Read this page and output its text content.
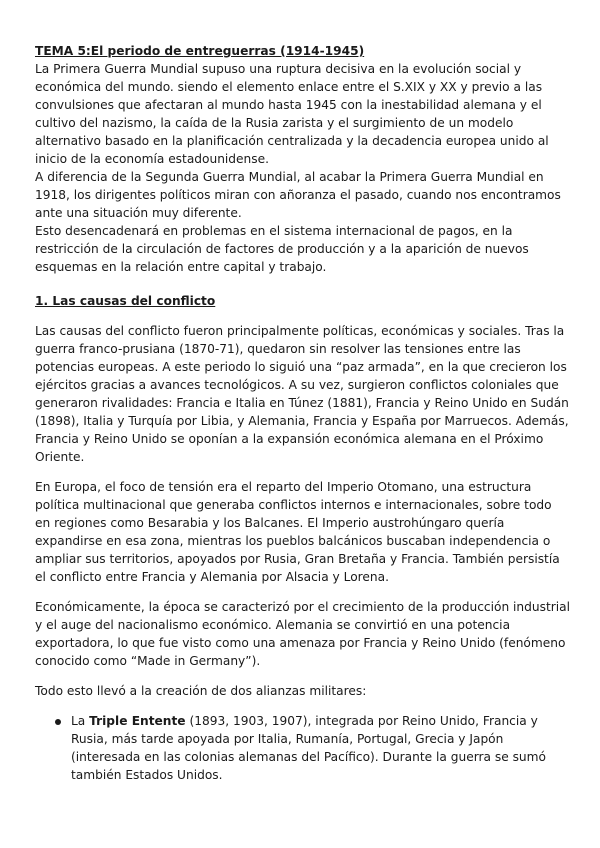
TEMA 5:El periodo de entreguerras (1914-1945)

La Primera Guerra Mundial supuso una ruptura decisiva en la evolución social y económica del mundo. siendo el elemento enlace entre el S.XIX y XX y previo a las convulsiones que afectaran al mundo hasta 1945 con la inestabilidad alemana y el cultivo del nazismo, la caída de la Rusia zarista y el surgimiento de un modelo alternativo basado en la planificación centralizada y la decadencia europea unido al inicio de la economía estadounidense.

A diferencia de la Segunda Guerra Mundial, al acabar la Primera Guerra Mundial en 1918, los dirigentes políticos miran con añoranza el pasado, cuando nos encontramos ante una situación muy diferente.

Esto desencadenará en problemas en el sistema internacional de pagos, en la restricción de la circulación de factores de producción y a la aparición de nuevos esquemas en la relación entre capital y trabajo.

1. Las causas del conflicto

Las causas del conflicto fueron principalmente políticas, económicas y sociales. Tras la guerra franco-prusiana (1870-71), quedaron sin resolver las tensiones entre las potencias europeas. A este periodo lo siguió una “paz armada”, en la que crecieron los ejércitos gracias a avances tecnológicos. A su vez, surgieron conflictos coloniales que generaron rivalidades: Francia e Italia en Túnez (1881), Francia y Reino Unido en Sudán (1898), Italia y Turquía por Libia, y Alemania, Francia y España por Marruecos. Además, Francia y Reino Unido se oponían a la expansión económica alemana en el Próximo Oriente.

En Europa, el foco de tensión era el reparto del Imperio Otomano, una estructura política multinacional que generaba conflictos internos e internacionales, sobre todo en regiones como Besarabia y los Balcanes. El Imperio austrohúngaro quería expandirse en esa zona, mientras los pueblos balcánicos buscaban independencia o ampliar sus territorios, apoyados por Rusia, Gran Bretaña y Francia. También persistía el conflicto entre Francia y Alemania por Alsacia y Lorena.

Económicamente, la época se caracterizó por el crecimiento de la producción industrial y el auge del nacionalismo económico. Alemania se convirtió en una potencia exportadora, lo que fue visto como una amenaza por Francia y Reino Unido (fenómeno conocido como “Made in Germany”).

Todo esto llevó a la creación de dos alianzas militares:

La Triple Entente (1893, 1903, 1907), integrada por Reino Unido, Francia y Rusia, más tarde apoyada por Italia, Rumanía, Portugal, Grecia y Japón (interesada en las colonias alemanas del Pacífico). Durante la guerra se sumó también Estados Unidos.
